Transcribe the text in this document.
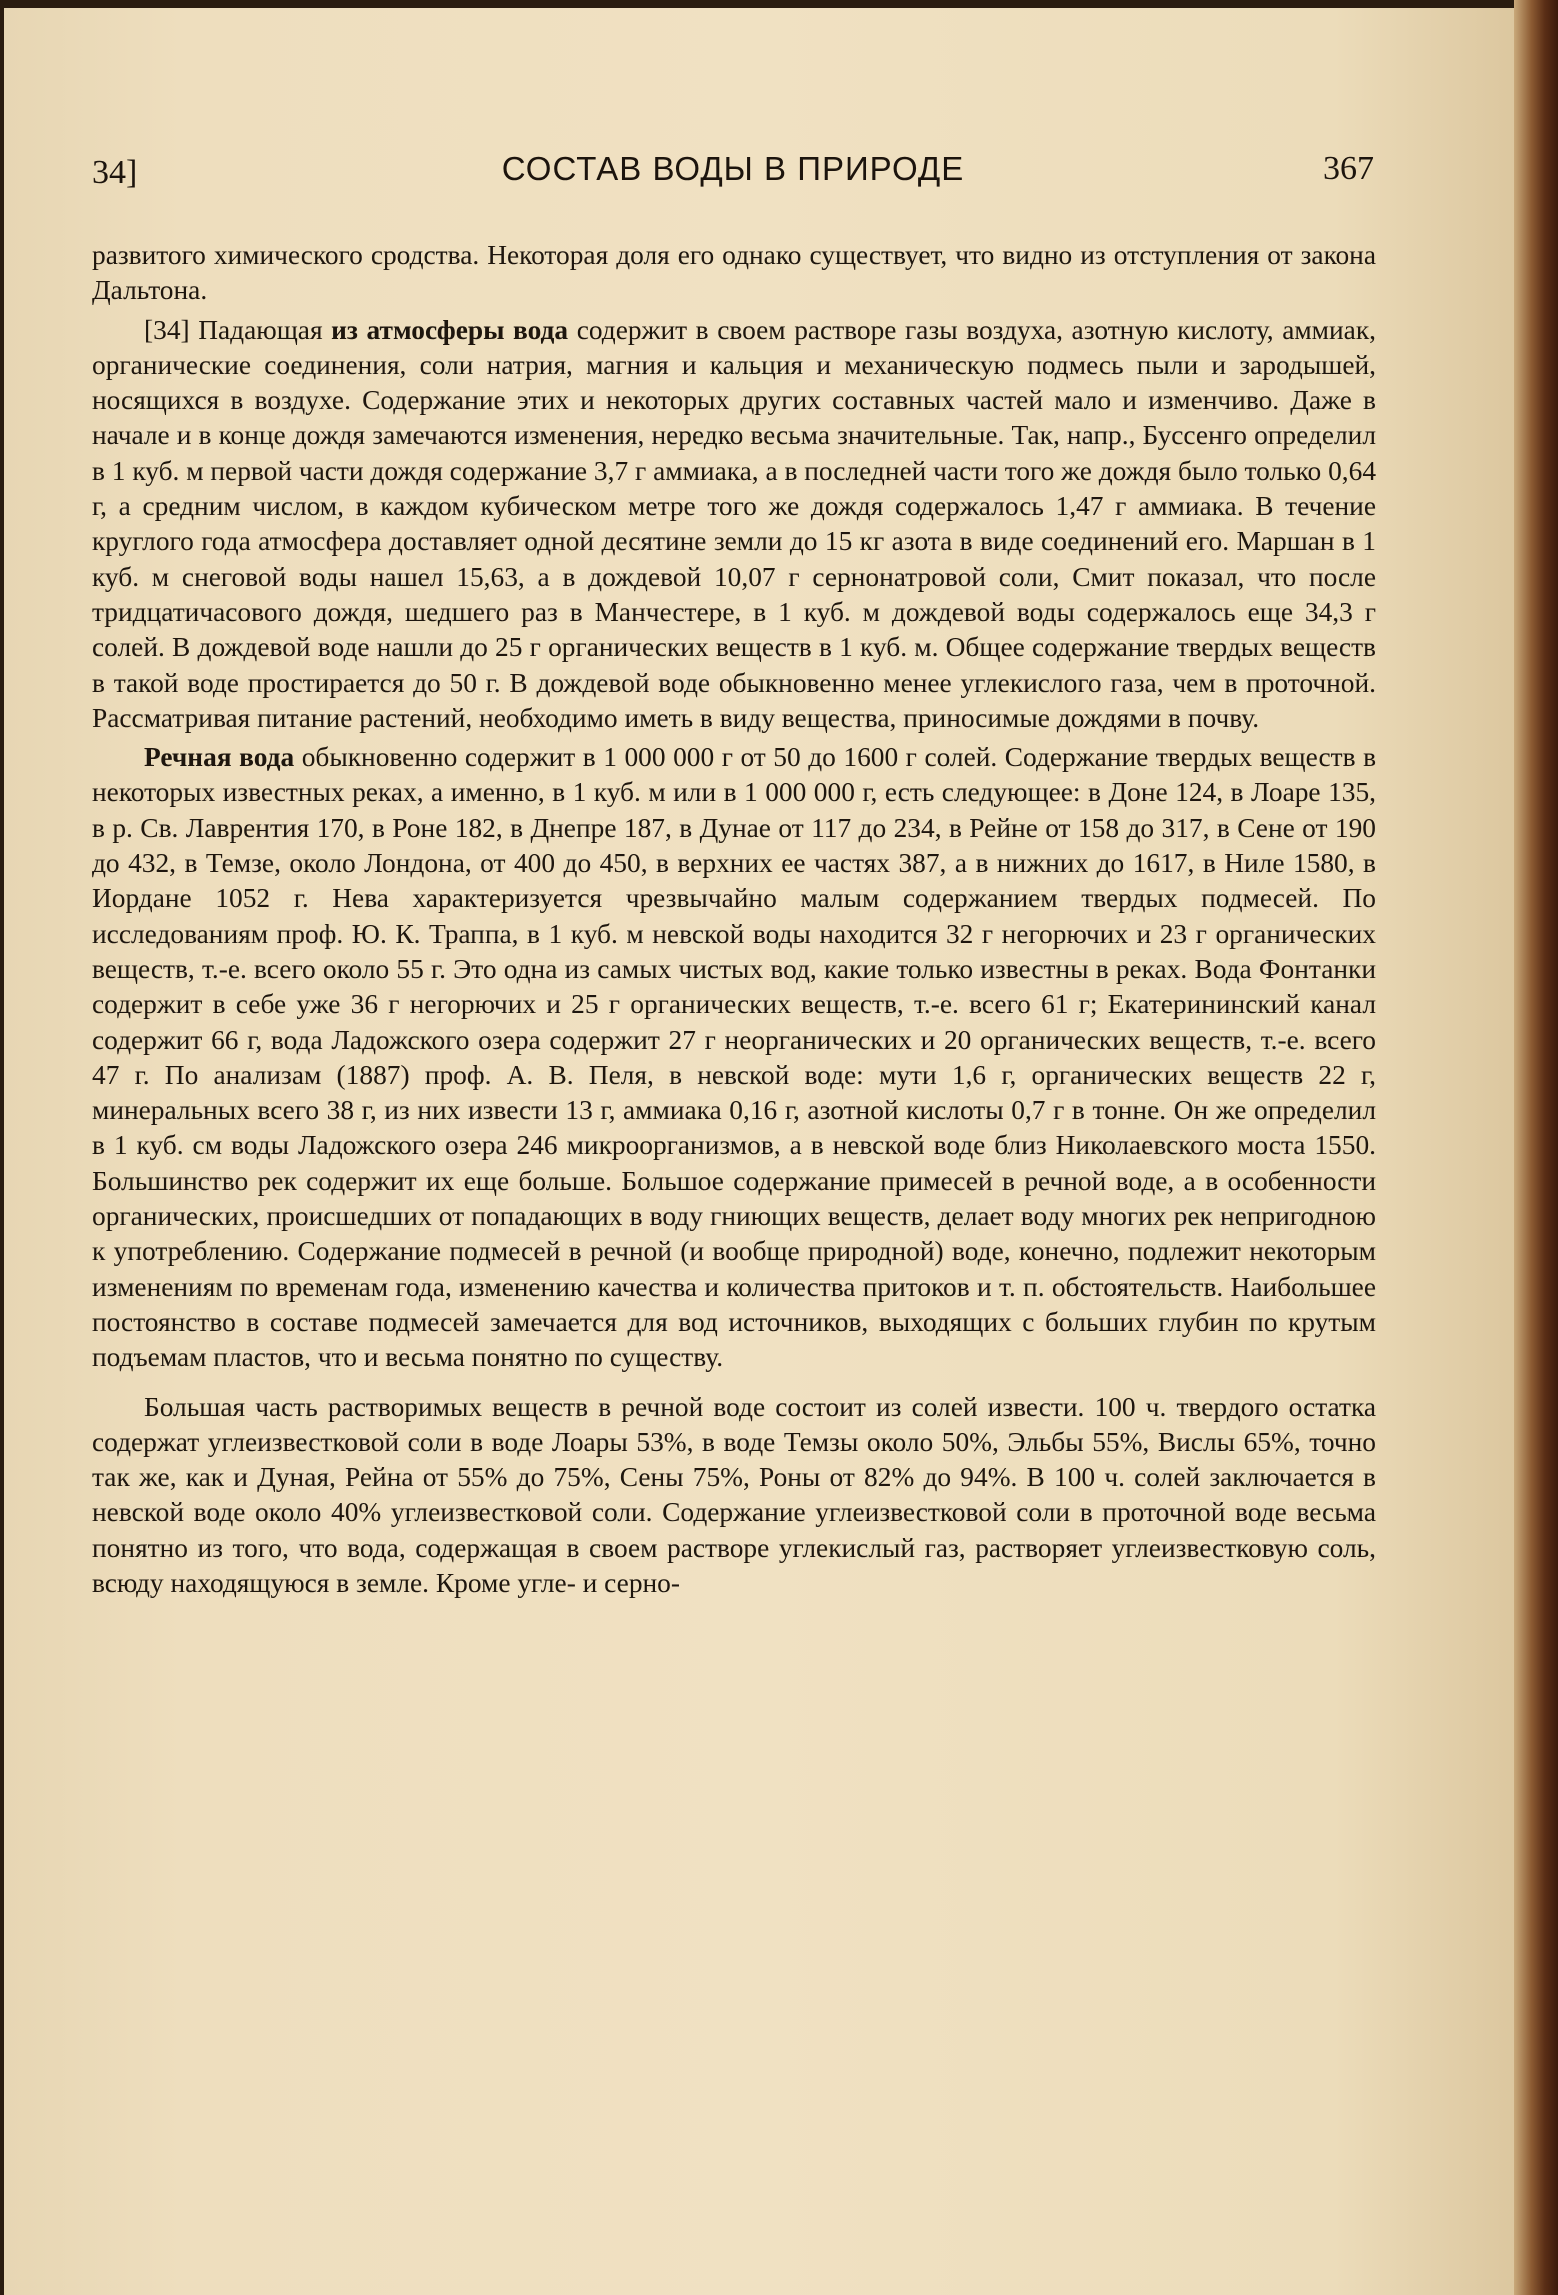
34]	СОСТАВ ВОДЫ В ПРИРОДЕ	367

развитого химического сродства. Некоторая доля его однако существует, что видно из отступления от закона Дальтона.

[34] Падающая из атмосферы вода содержит в своем растворе газы воздуха, азотную кислоту, аммиак, органические соединения, соли натрия, магния и кальция и механическую подмесь пыли и зародышей, носящихся в воздухе. Содержание этих и некоторых других составных частей мало и изменчиво. Даже в начале и в конце дождя замечаются изменения, нередко весьма значительные. Так, напр., Буссенго определил в 1 куб. м первой части дождя содержание 3,7 г аммиака, а в последней части того же дождя было только 0,64 г, а средним числом, в каждом кубическом метре того же дождя содержалось 1,47 г аммиака. В течение круглого года атмосфера доставляет одной десятине земли до 15 кг азота в виде соединений его. Маршан в 1 куб. м снеговой воды нашел 15,63, а в дождевой 10,07 г сернонатровой соли, Смит показал, что после тридцатичасового дождя, шедшего раз в Манчестере, в 1 куб. м дождевой воды содержалось еще 34,3 г солей. В дождевой воде нашли до 25 г органических веществ в 1 куб. м. Общее содержание твердых веществ в такой воде простирается до 50 г. В дождевой воде обыкновенно менее углекислого газа, чем в проточной. Рассматривая питание растений, необходимо иметь в виду вещества, приносимые дождями в почву.

Речная вода обыкновенно содержит в 1 000 000 г от 50 до 1600 г солей. Содержание твердых веществ в некоторых известных реках, а именно, в 1 куб. м или в 1 000 000 г, есть следующее: в Доне 124, в Лоаре 135, в р. Св. Лаврентия 170, в Роне 182, в Днепре 187, в Дунае от 117 до 234, в Рейне от 158 до 317, в Сене от 190 до 432, в Темзе, около Лондона, от 400 до 450, в верхних ее частях 387, а в нижних до 1617, в Ниле 1580, в Иордане 1052 г. Нева характеризуется чрезвычайно малым содержанием твердых подмесей. По исследованиям проф. Ю. К. Траппа, в 1 куб. м невской воды находится 32 г негорючих и 23 г органических веществ, т.-е. всего около 55 г. Это одна из самых чистых вод, какие только известны в реках. Вода Фонтанки содержит в себе уже 36 г негорючих и 25 г органических веществ, т.-е. всего 61 г; Екатерининский канал содержит 66 г, вода Ладожского озера содержит 27 г неорганических и 20 органических веществ, т.-е. всего 47 г. По анализам (1887) проф. А. В. Пеля, в невской воде: мути 1,6 г, органических веществ 22 г, минеральных всего 38 г, из них извести 13 г, аммиака 0,16 г, азотной кислоты 0,7 г в тонне. Он же определил в 1 куб. см воды Ладожского озера 246 микроорганизмов, а в невской воде близ Николаевского моста 1550. Большинство рек содержит их еще больше. Большое содержание примесей в речной воде, а в особенности органических, происшедших от попадающих в воду гниющих веществ, делает воду многих рек непригодною к употреблению. Содержание подмесей в речной (и вообще природной) воде, конечно, подлежит некоторым изменениям по временам года, изменению качества и количества притоков и т. п. обстоятельств. Наибольшее постоянство в составе подмесей замечается для вод источников, выходящих с больших глубин по крутым подъемам пластов, что и весьма понятно по существу.

Большая часть растворимых веществ в речной воде состоит из солей извести. 100 ч. твердого остатка содержат углеизвестковой соли в воде Лоары 53%, в воде Темзы около 50%, Эльбы 55%, Вислы 65%, точно так же, как и Дуная, Рейна от 55% до 75%, Сены 75%, Роны от 82% до 94%. В 100 ч. солей заключается в невской воде около 40% углеизвестковой соли. Содержание углеизвестковой соли в проточной воде весьма понятно из того, что вода, содержащая в своем растворе углекислый газ, растворяет углеизвестковую соль, всюду находящуюся в земле. Кроме угле- и серно-
